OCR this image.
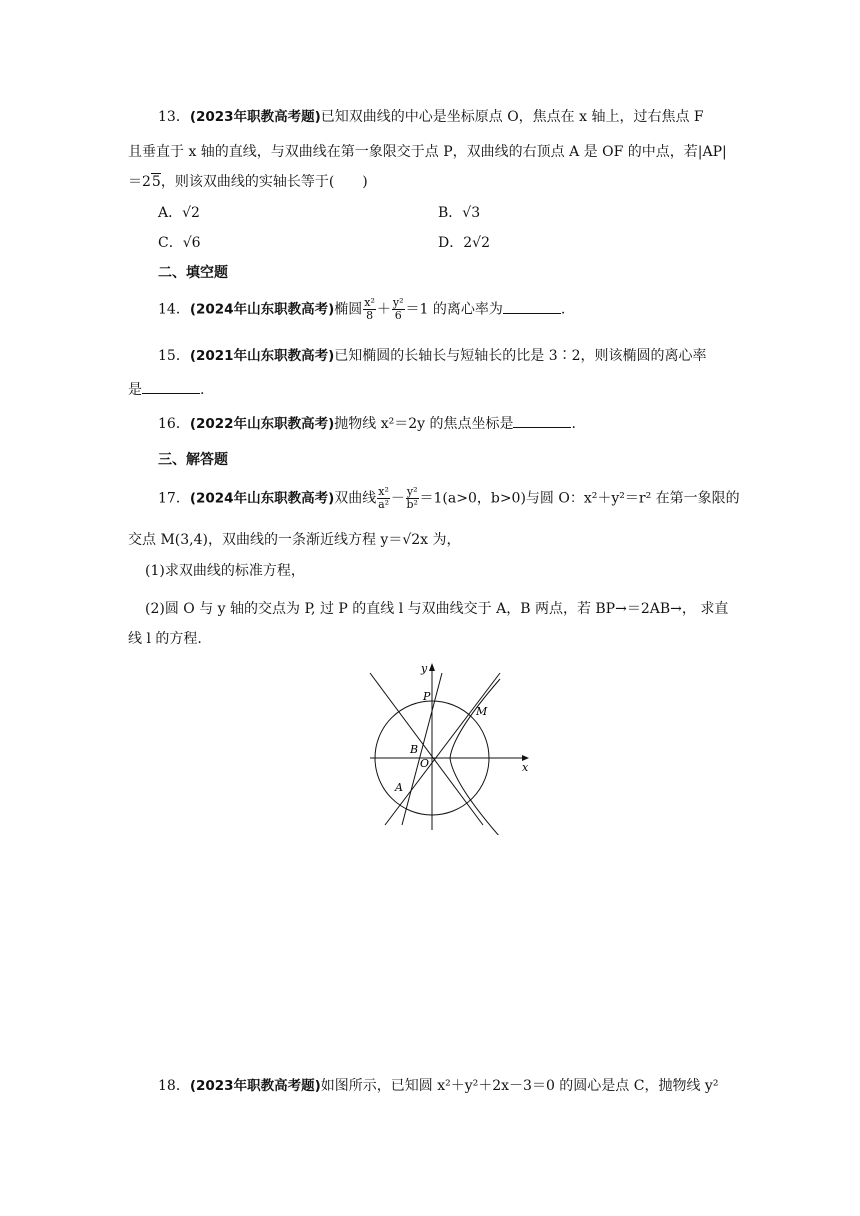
13．(2023年职教高考题)已知双曲线的中心是坐标原点 O，焦点在 x 轴上，过右焦点 F
且垂直于 x 轴的直线，与双曲线在第一象限交于点 P，双曲线的右顶点 A 是 OF 的中点，若|AP|
＝25，则该双曲线的实轴长等于(　　)
A．√2	B．√3
C．√6	D．2√2
二、填空题
14．(2024年山东职教高考)椭圆 $\frac{\text{x²}}{8} + \frac{\text{y²}}{6} =1$ 的离心率为	.
15．(2021年山东职教高考)已知椭圆的长轴长与短轴长的比是 3∶2，则该椭圆的离心率
是	.
16．(2022年山东职教高考)抛物线 x²＝2y 的焦点坐标是	.
三、解答题
17．(2024年山东职教高考)双曲线 $\frac{\text{x²}}{\text{a²}} - \frac{\text{y²}}{\text{b²}} =1(a>0$，b>0)与圆 O：x²＋y²＝r² 在第一象限的
交点 M(3,4)，双曲线的一条渐近线方程 y＝√2x 为，
(1)求双曲线的标准方程，
(2)圆 O 与 y 轴的交点为 P, 过 P 的直线 l 与双曲线交于 A，B 两点，若 BP→＝2AB→， 求直
线 l 的方程.
y
x
P
M
B
O
A
18．(2023年职教高考题)如图所示，已知圆 x²＋y²＋2x－3＝0 的圆心是点 C，抛物线 y²
